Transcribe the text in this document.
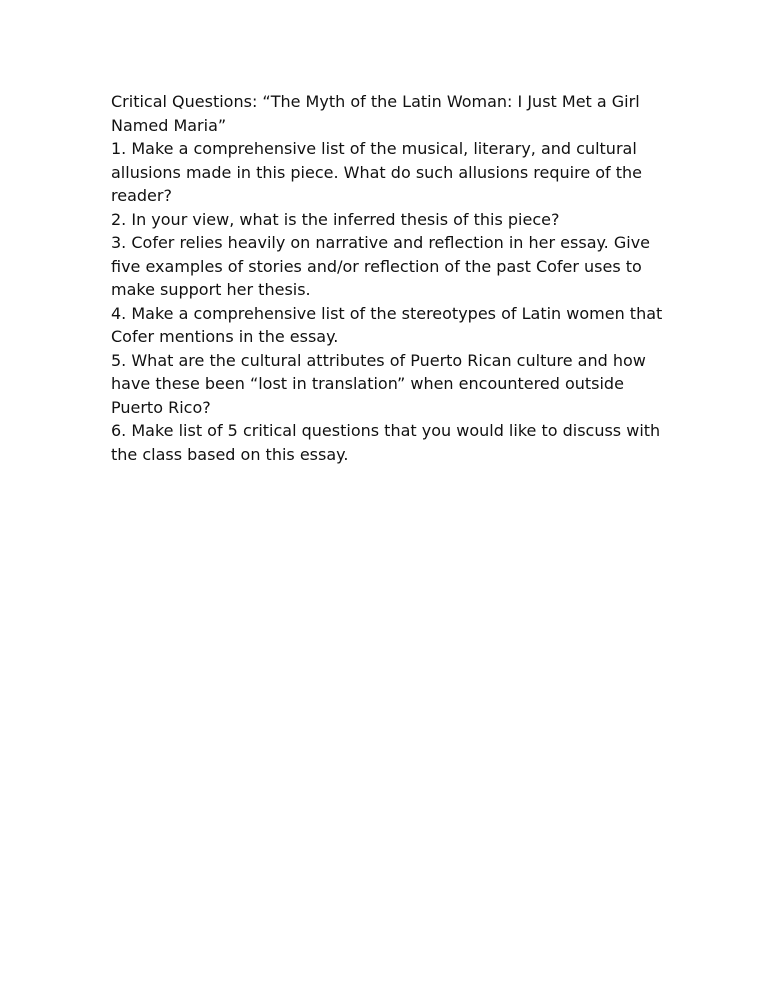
Critical Questions: “The Myth of the Latin Woman: I Just Met a Girl Named Maria”

1. Make a comprehensive list of the musical, literary, and cultural allusions made in this piece. What do such allusions require of the reader?

2. In your view, what is the inferred thesis of this piece?

3. Cofer relies heavily on narrative and reflection in her essay. Give five examples of stories and/or reflection of the past Cofer uses to make support her thesis.

4. Make a comprehensive list of the stereotypes of Latin women that Cofer mentions in the essay.

5. What are the cultural attributes of Puerto Rican culture and how have these been “lost in translation” when encountered outside Puerto Rico?

6. Make list of 5 critical questions that you would like to discuss with the class based on this essay.
